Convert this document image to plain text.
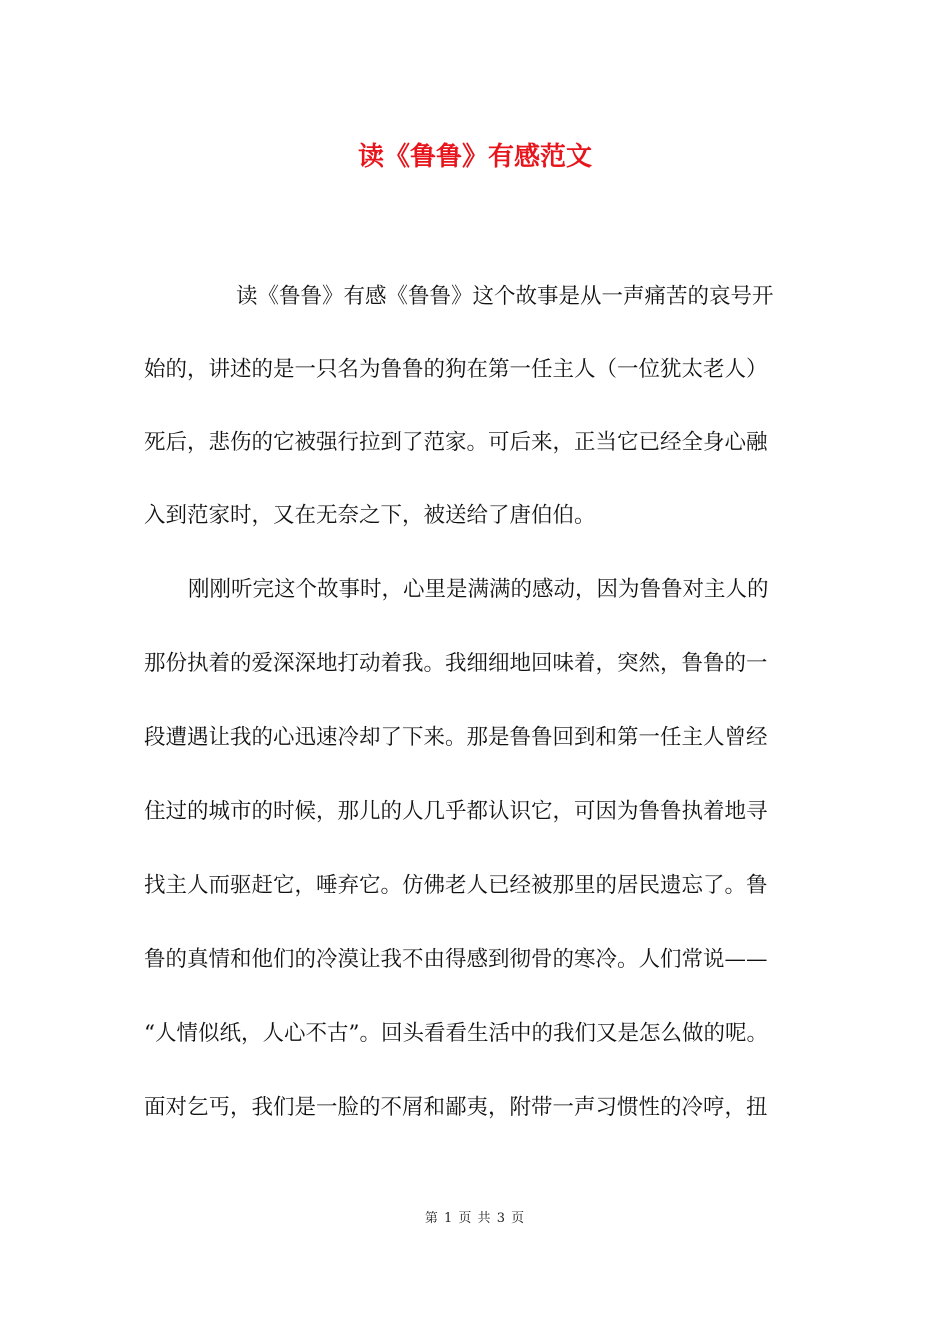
读《鲁鲁》有感范文
读《鲁鲁》有感《鲁鲁》这个故事是从一声痛苦的哀号开
始的，讲述的是一只名为鲁鲁的狗在第一任主人（一位犹太老人）
死后，悲伤的它被强行拉到了范家。可后来，正当它已经全身心融
入到范家时，又在无奈之下，被送给了唐伯伯。
刚刚听完这个故事时，心里是满满的感动，因为鲁鲁对主人的
那份执着的爱深深地打动着我。我细细地回味着，突然，鲁鲁的一
段遭遇让我的心迅速冷却了下来。那是鲁鲁回到和第一任主人曾经
住过的城市的时候，那儿的人几乎都认识它，可因为鲁鲁执着地寻
找主人而驱赶它，唾弃它。仿佛老人已经被那里的居民遗忘了。鲁
鲁的真情和他们的冷漠让我不由得感到彻骨的寒冷。人们常说——
“人情似纸，人心不古”。回头看看生活中的我们又是怎么做的呢。
面对乞丐，我们是一脸的不屑和鄙夷，附带一声习惯性的冷哼，扭
第 1 页 共 3 页
